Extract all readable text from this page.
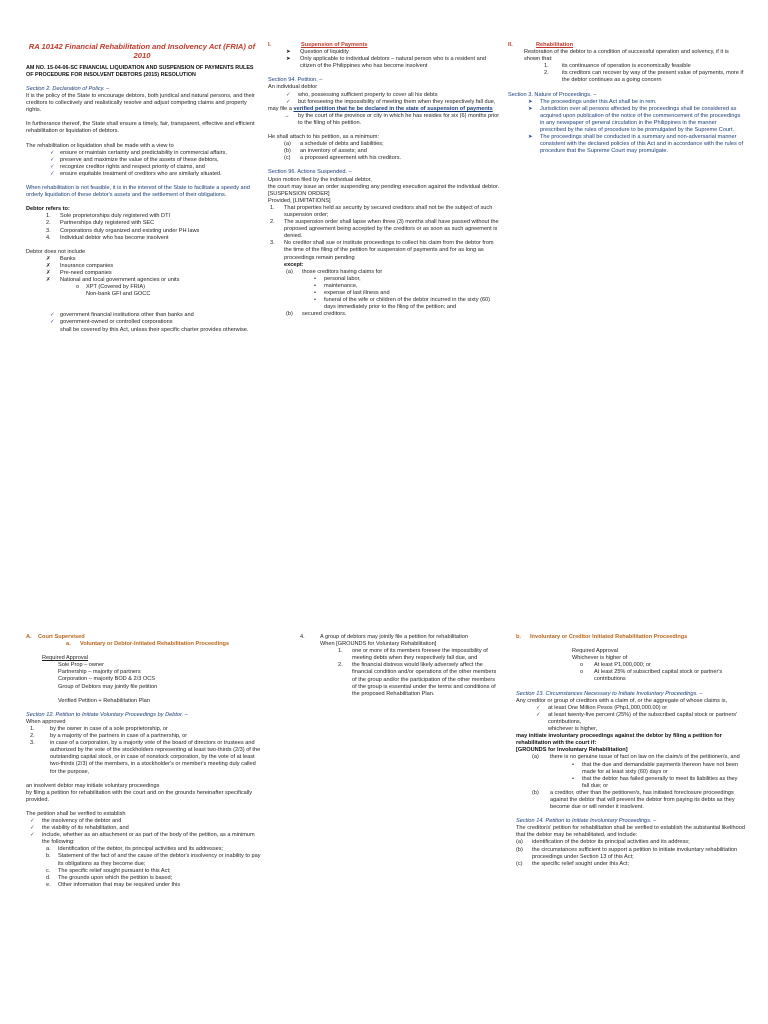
RA 10142 Financial Rehabilitation and Insolvency Act (FRIA) of 2010

AM NO. 15-04-06-SC FINANCIAL LIQUIDATION AND SUSPENSION OF PAYMENTS RULES OF PROCEDURE FOR INSOLVENT DEBTORS (2015) RESOLUTION

Section 2. Declaration of Policy. –

It is the policy of the State to encourage debtors, both juridical and natural persons, and their creditors to collectively and realistically resolve and adjust competing claims and property rights.

In furtherance thereof, the State shall ensure a timely, fair, transparent, effective and efficient rehabilitation or liquidation of debtors.

The rehabilitation or liquidation shall be made with a view to

✓ ensure or maintain certainty and predictability in commercial affairs,
✓ preserve and maximize the value of the assets of these debtors,
✓ recognize creditor rights and respect priority of claims, and
✓ ensure equitable treatment of creditors who are similarly situated.

When rehabilitation is not feasible, it is in the interest of the State to facilitate a speedy and orderly liquidation of these debtor's assets and the settlement of their obligations.

Debtor refers to:

1. Sole proprietorships duly registered with DTI
2. Partnerships duly registered with SEC
3. Corporations duly organized and existing under PH laws
4. Individual debtor who has become insolvent

Debtor does not include

✗ Banks
✗ Insurance companies
✗ Pre-need companies
✗ National and local government agencies or units
o XPT (Covered by FRIA)
Non-bank GFI and GOCC
✓ government financial institutions other than banks and
✓ government-owned or controlled corporations
shall be covered by this Act, unless their specific charter provides otherwise.
I.	Suspension of Payments
➤ Question of liquidity
➤ Only applicable to individual debtors – natural person who is a resident and citizen of the Philippines who has become insolvent

Section 94. Petition. –

An individual debtor

✓ who, possessing sufficient property to cover all his debts
✓ but foreseeing the impossibility of meeting them when they respectively fall due,

may file a verified petition that he be declared in the state of suspension of payments

→ by the court of the province or city in which he has resides for six (6) months prior to the filing of his petition.

He shall attach to his petition, as a minimum:

(a) a schedule of debts and liabilities;
(b) an inventory of assets; and
(c) a proposed agreement with his creditors.

Section 96. Actions Suspended. –

Upon motion filed by the individual debtor,

the court may issue an order suspending any pending execution against the individual debtor. [SUSPENSION ORDER]

Provided, [LIMITATIONS]

1. That properties held as security by secured creditors shall not be the subject of such suspension order;
2. The suspension order shall lapse when three (3) months shall have passed without the proposed agreement being accepted by the creditors or as soon as such agreement is denied.
3. No creditor shall sue or institute proceedings to collect his claim from the debtor from the time of the filing of the petition for suspension of payments and for as long as proceedings remain pending

except:

(a) those creditors having claims for
• personal labor,
• maintenance,
• expense of last illness and
• funeral of the wife or children of the debtor incurred in the sixty (60) days immediately prior to the filing of the petition; and
(b) secured creditors.
II.	Rehabilitation

Restoration of the debtor to a condition of successful operation and solvency, if it is shown that:

1. its continuance of operation is economically feasible
2. its creditors can recover by way of the present value of payments, more if the debtor continues as a going concern

Section 3. Nature of Proceedings. –

➤ The proceedings under this Act shall be in rem.
➤ Jurisdiction over all persons affected by the proceedings shall be considered as acquired upon publication of the notice of the commencement of the proceedings in any newspaper of general circulation in the Philippines in the manner prescribed by the rules of procedure to be promulgated by the Supreme Court.
➤ The proceedings shall be conducted in a summary and non-adversarial manner consistent with the declared policies of this Act and in accordance with the rules of procedure that the Supreme Court may promulgate.
A. Court Supervised
a. Voluntary or Debtor-Initiated Rehabilitation Proceedings

Required Approval

Sole Prop – owner
Partnership – majority of partners
Corporation – majority BOD & 2/3 OCS
Group of Debtors may jointly file petition

Verified Petition + Rehabilitation Plan

Section 12. Petition to Initiate Voluntary Proceedings by Debtor. –

When approved

1.	by the owner in case of a sole proprietorship, or
2.	by a majority of the partners in case of a partnership, or
3.	in case of a corporation, by a majority vote of the board of directors or trustees and authorized by the vote of the stockholders representing at least two-thirds (2/3) of the outstanding capital stock, or in case of nonstock corporation, by the vote of at least two-thirds (2/3) of the members, in a stockholder's or member's meeting duly called for the purpose,

an insolvent debtor may initiate voluntary proceedings

by filing a petition for rehabilitation with the court and on the grounds hereinafter specifically provided.

The petition shall be verified to establish

✓ the insolvency of the debtor and
✓ the viability of its rehabilitation, and
✓ include, whether as an attachment or as part of the body of the petition, as a minimum the following:
a. Identification of the debtor, its principal activities and its addresses;
b. Statement of the fact of and the cause of the debtor's insolvency or inability to pay its obligations as they become due;
c. The specific relief sought pursuant to this Act;
d. The grounds upon which the petition is based;
e. Other information that may be required under this
4.	A group of debtors may jointly file a petition for rehabilitation

When [GROUNDS for Voluntary Rehabilitation]

1. one or more of its members foresee the impossibility of meeting debts when they respectively fall due, and
2. the financial distress would likely adversely affect the financial condition and/or operations of the other members of the group and/or the participation of the other members of the group is essential under the terms and conditions of the proposed Rehabilitation Plan.
b. Involuntary or Creditor Initiated Rehabilitation Proceedings

Required Approval

Whichever is higher of

o At least P1,000,000; or
o At least 25% of subscribed capital stock or partner's contributions

Section 13. Circumstances Necessary to Initiate Involuntary Proceedings. –

Any creditor or group of creditors with a claim of, or the aggregate of whose claims is,

✓ at least One Million Pesos (Php1,000,000.00) or
✓ at least twenty-five percent (25%) of the subscribed capital stock or partners' contributions,

whichever is higher,

may initiate involuntary proceedings against the debtor by filing a petition for rehabilitation with the court if:

[GROUNDS for Involuntary Rehabilitation]

(a) there is no genuine issue of fact on law on the claim/s of the petitioner/s, and
• that the due and demandable payments thereon have not been made for at least sixty (60) days or
• that the debtor has failed generally to meet its liabilities as they fall due; or
(b) a creditor, other than the petitioner/s, has initiated foreclosure proceedings against the debtor that will prevent the debtor from paying its debts as they become due or will render it insolvent.

Section 14. Petition to Initiate Involuntary Proceedings. –

The creditor/s' petition for rehabilitation shall be verified to establish the substantial likelihood that the debtor may be rehabilitated, and include:

(a) identification of the debtor its principal activities and its address;
(b) the circumstances sufficient to support a petition to initiate involuntary rehabilitation proceedings under Section 13 of this Act;
(c) the specific relief sought under this Act;
